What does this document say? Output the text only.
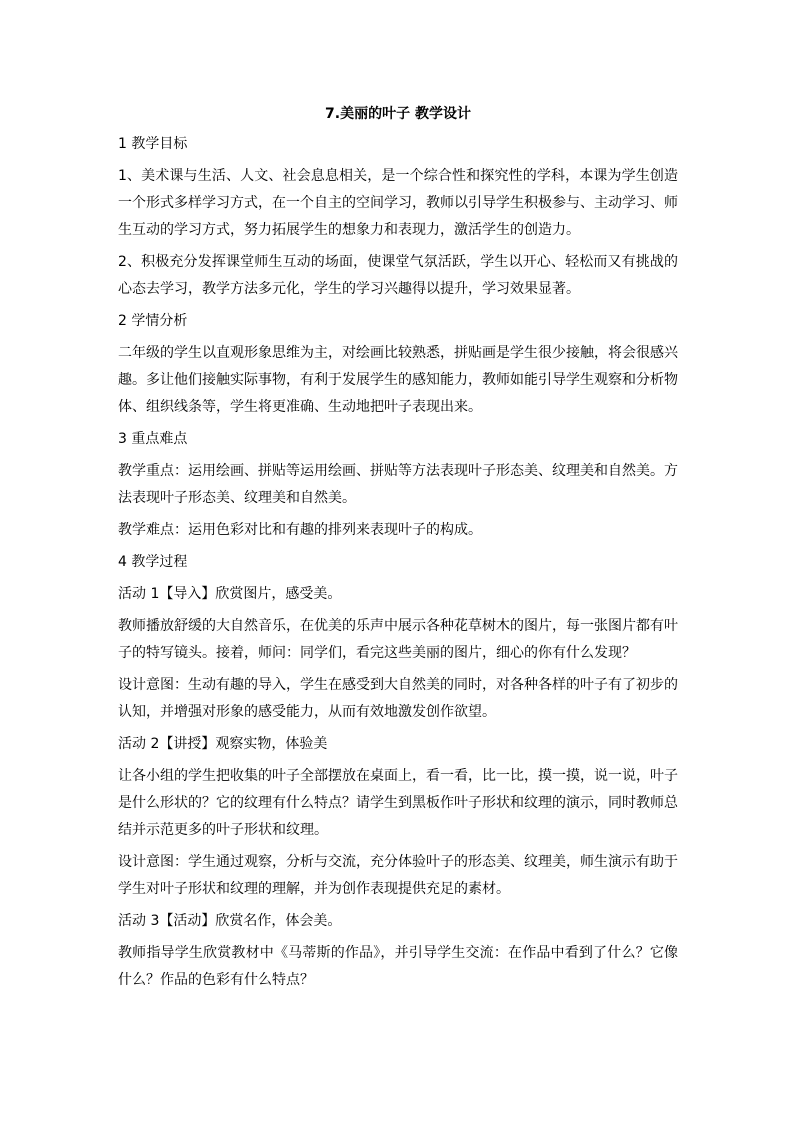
7.美丽的叶子 教学设计

1 教学目标

1、美术课与生活、人文、社会息息相关，是一个综合性和探究性的学科，本课为学生创造一个形式多样学习方式，在一个自主的空间学习，教师以引导学生积极参与、主动学习、师生互动的学习方式，努力拓展学生的想象力和表现力，激活学生的创造力。

2、积极充分发挥课堂师生互动的场面，使课堂气氛活跃，学生以开心、轻松而又有挑战的心态去学习，教学方法多元化，学生的学习兴趣得以提升，学习效果显著。

2 学情分析

二年级的学生以直观形象思维为主，对绘画比较熟悉，拼贴画是学生很少接触，将会很感兴趣。多让他们接触实际事物，有利于发展学生的感知能力，教师如能引导学生观察和分析物体、组织线条等，学生将更准确、生动地把叶子表现出来。

3 重点难点

教学重点：运用绘画、拼贴等运用绘画、拼贴等方法表现叶子形态美、纹理美和自然美。方法表现叶子形态美、纹理美和自然美。

教学难点：运用色彩对比和有趣的排列来表现叶子的构成。

4 教学过程

活动 1【导入】欣赏图片，感受美。

教师播放舒缓的大自然音乐，在优美的乐声中展示各种花草树木的图片，每一张图片都有叶子的特写镜头。接着，师问：同学们，看完这些美丽的图片，细心的你有什么发现？

设计意图：生动有趣的导入，学生在感受到大自然美的同时，对各种各样的叶子有了初步的认知，并增强对形象的感受能力，从而有效地激发创作欲望。

活动 2【讲授】观察实物，体验美

让各小组的学生把收集的叶子全部摆放在桌面上，看一看，比一比，摸一摸，说一说，叶子是什么形状的？它的纹理有什么特点？请学生到黑板作叶子形状和纹理的演示，同时教师总结并示范更多的叶子形状和纹理。

设计意图：学生通过观察，分析与交流，充分体验叶子的形态美、纹理美，师生演示有助于学生对叶子形状和纹理的理解，并为创作表现提供充足的素材。

活动 3【活动】欣赏名作，体会美。

教师指导学生欣赏教材中《马蒂斯的作品》，并引导学生交流：在作品中看到了什么？它像什么？作品的色彩有什么特点？
